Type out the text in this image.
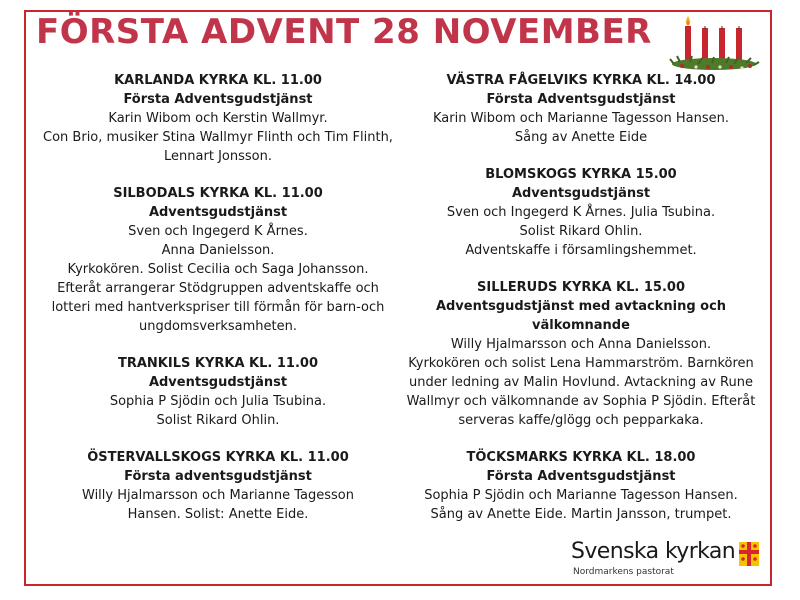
FÖRSTA ADVENT 28 NOVEMBER
KARLANDA KYRKA KL. 11.00
Första Adventsgudstjänst
Karin Wibom och Kerstin Wallmyr.
Con Brio, musiker Stina Wallmyr Flinth och Tim Flinth,
Lennart Jonsson.
SILBODALS KYRKA KL. 11.00
Adventsgudstjänst
Sven och Ingegerd K Årnes.
Anna Danielsson.
Kyrkokören. Solist Cecilia och Saga Johansson.
Efteråt arrangerar Stödgruppen adventskaffe och
lotteri med hantverkspriser till förmån för barn-och
ungdomsverksamheten.
TRANKILS KYRKA KL. 11.00
Adventsgudstjänst
Sophia P Sjödin och Julia Tsubina.
Solist Rikard Ohlin.
ÖSTERVALLSKOGS KYRKA KL. 11.00
Första adventsgudstjänst
Willy Hjalmarsson och Marianne Tagesson
Hansen. Solist: Anette Eide.
VÄSTRA FÅGELVIKS KYRKA KL. 14.00
Första Adventsgudstjänst
Karin Wibom och Marianne Tagesson Hansen.
Sång av Anette Eide
BLOMSKOGS KYRKA 15.00
Adventsgudstjänst
Sven och Ingegerd K Årnes. Julia Tsubina.
Solist Rikard Ohlin.
Adventskaffe i församlingshemmet.
SILLERUDS KYRKA KL. 15.00
Adventsgudstjänst med avtackning och välkomnande
Willy Hjalmarsson och Anna Danielsson.
Kyrkokören och solist Lena Hammarström. Barnkören
under ledning av Malin Hovlund. Avtackning av Rune
Wallmyr och välkomnande av Sophia P Sjödin. Efteråt
serveras kaffe/glögg och pepparkaka.
TÖCKSMARKS KYRKA KL. 18.00
Första Adventsgudstjänst
Sophia P Sjödin och Marianne Tagesson Hansen.
Sång av Anette Eide. Martin Jansson, trumpet.
Svenska kyrkan
Nordmarkens pastorat
